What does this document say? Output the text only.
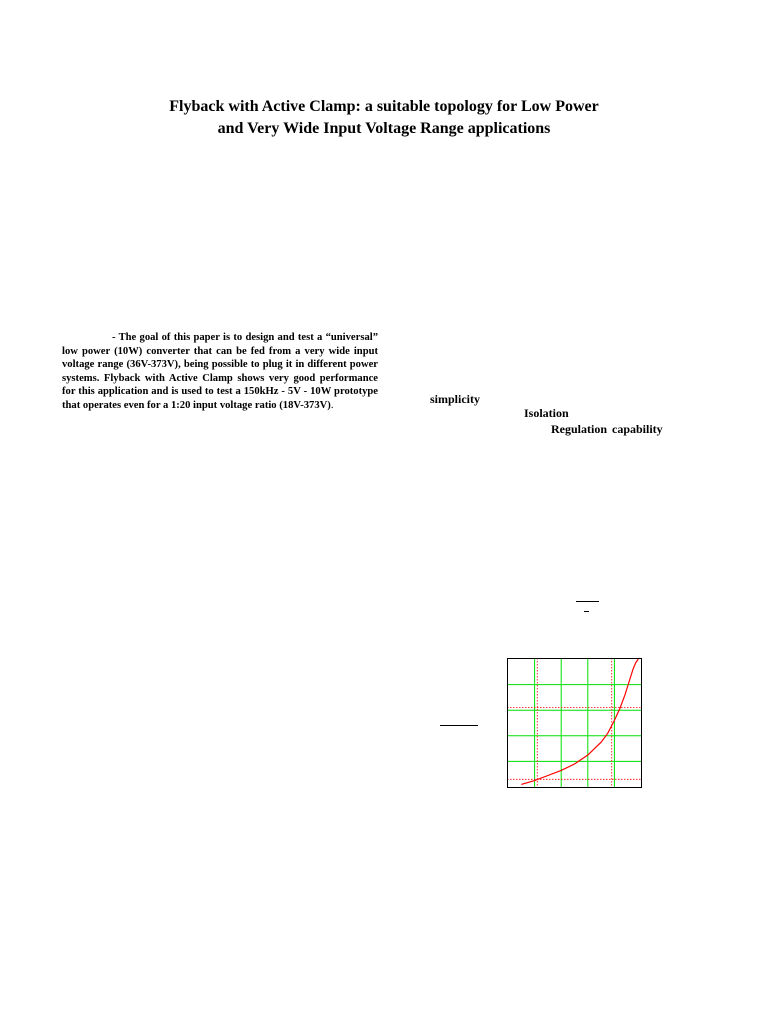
Flyback with Active Clamp: a suitable topology for Low Power
and Very Wide Input Voltage Range applications
- The goal of this paper is to design and test a “universal” low power (10W) converter that can be fed from a very wide input voltage range (36V-373V), being possible to plug it in different power systems. Flyback with Active Clamp shows very good performance for this application and is used to test a 150kHz - 5V - 10W prototype that operates even for a 1:20 input voltage ratio (18V-373V).	simplicity
Isolation
Regulation capability
